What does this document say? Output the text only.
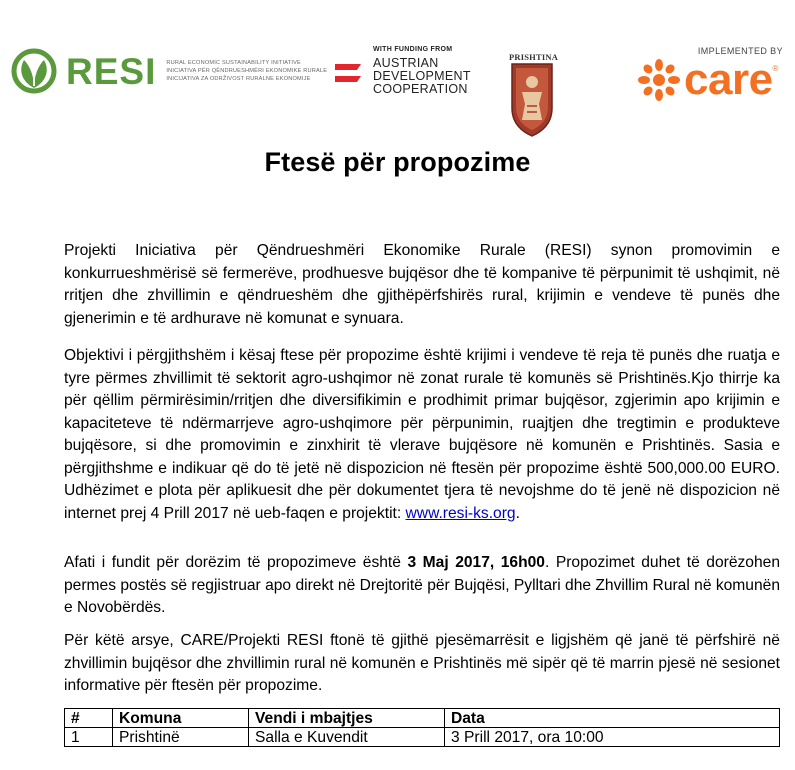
RESI RURAL ECONOMIC SUSTAINABILITY INITIATIVE
INICIATIVA PËR QËNDRUESHMËRI EKONOMIKE RURALE
INICIJATIVA ZA ODRŽIVOST RURALNE EKONOMIJE
WITH FUNDING FROM
AUSTRIAN
DEVELOPMENT
COOPERATION
PRISHTINA
IMPLEMENTED BY
care ®
Ftesë për propozime

Projekti Iniciativa për Qëndrueshmëri Ekonomike Rurale (RESI) synon promovimin e konkurrueshmërisë së fermerëve, prodhuesve bujqësor dhe të kompanive të përpunimit të ushqimit, në rritjen dhe zhvillimin e qëndrueshëm dhe gjithëpërfshirës rural, krijimin e vendeve të punës dhe gjenerimin e të ardhurave në komunat e synuara.

Objektivi i përgjithshëm i kësaj ftese për propozime është krijimi i vendeve të reja të punës dhe ruatja e tyre përmes zhvillimit të sektorit agro-ushqimor në zonat rurale të komunës së Prishtinës.Kjo thirrje ka për qëllim përmirësimin/rritjen dhe diversifikimin e prodhimit primar bujqësor, zgjerimin apo krijimin e kapaciteteve të ndërmarrjeve agro-ushqimore për përpunimin, ruajtjen dhe tregtimin e produkteve bujqësore, si dhe promovimin e zinxhirit të vlerave bujqësore në komunën e Prishtinës. Sasia e përgjithshme e indikuar që do të jetë në dispozicion në ftesën për propozime është 500,000.00 EURO. Udhëzimet e plota për aplikuesit dhe për dokumentet tjera të nevojshme do të jenë në dispozicion në internet prej 4 Prill 2017 në ueb-faqen e projektit: www.resi-ks.org.

Afati i fundit për dorëzim të propozimeve është 3 Maj 2017, 16h00. Propozimet duhet të dorëzohen permes postës së regjistruar apo direkt në Drejtoritë për Bujqësi, Pylltari dhe Zhvillim Rural në komunën e Novobërdës.

Për këtë arsye, CARE/Projekti RESI ftonë të gjithë pjesëmarrësit e ligjshëm që janë të përfshirë në zhvillimin bujqësor dhe zhvillimin rural në komunën e Prishtinës më sipër që të marrin pjesë në sesionet informative për ftesën për propozime.

#	Komuna	Vendi i mbajtjes	Data
1	Prishtinë	Salla e Kuvendit	3 Prill 2017, ora 10:00
